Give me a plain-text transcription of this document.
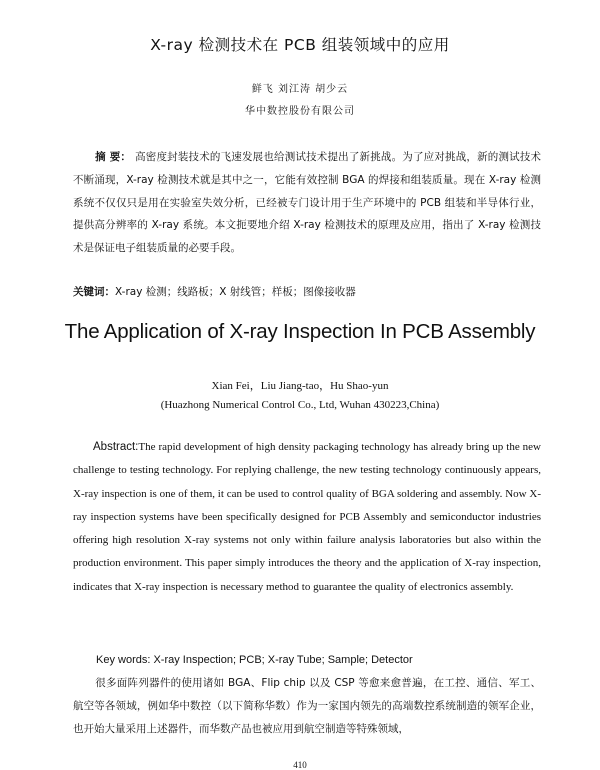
X-ray 检测技术在 PCB 组装领域中的应用
鲜飞 刘江涛 胡少云
华中数控股份有限公司
摘 要： 高密度封装技术的飞速发展也给测试技术提出了新挑战。为了应对挑战，新的测试技术不断涌现，X-ray 检测技术就是其中之一，它能有效控制 BGA 的焊接和组装质量。现在 X-ray 检测系统不仅仅只是用在实验室失效分析，已经被专门设计用于生产环境中的 PCB 组装和半导体行业，提供高分辨率的 X-ray 系统。本文扼要地介绍 X-ray 检测技术的原理及应用，指出了 X-ray 检测技术是保证电子组装质量的必要手段。
关键词：X-ray 检测；线路板；X 射线管；样板；图像接收器
The Application of X-ray Inspection In PCB Assembly
Xian Fei，Liu Jiang-tao，Hu Shao-yun
(Huazhong Numerical Control Co., Ltd, Wuhan 430223,China)
Abstract:The rapid development of high density packaging technology has already bring up the new challenge to testing technology. For replying challenge, the new testing technology continuously appears, X-ray inspection is one of them, it can be used to control quality of BGA soldering and assembly. Now X-ray inspection systems have been specifically designed for PCB Assembly and semiconductor industries offering high resolution X-ray systems not only within failure analysis laboratories but also within the production environment. This paper simply introduces the theory and the application of X-ray inspection, indicates that X-ray inspection is necessary method to guarantee the quality of electronics assembly.
Key words: X-ray Inspection; PCB; X-ray Tube; Sample; Detector
很多面阵列器件的使用诸如 BGA、Flip chip 以及 CSP 等愈来愈普遍，在工控、通信、军工、航空等各领域，例如华中数控（以下简称华数）作为一家国内领先的高端数控系统制造的领军企业，也开始大量采用上述器件，而华数产品也被应用到航空制造等特殊领域，
410
